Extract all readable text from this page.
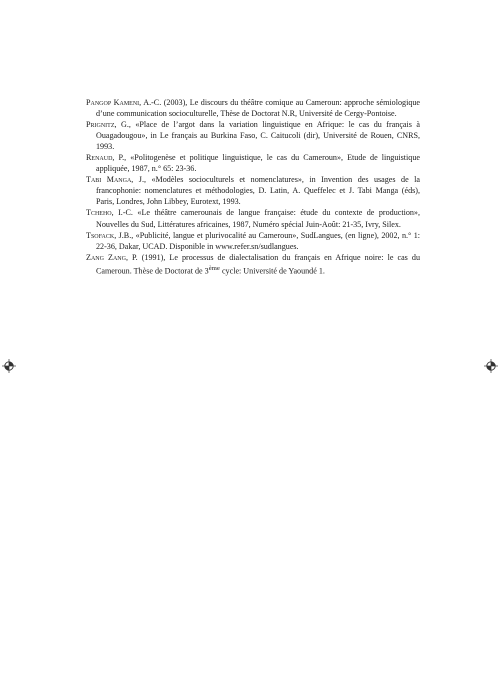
Pangop Kameni, A.-C. (2003), Le discours du théâtre comique au Cameroun: approche sémiologique d’une communication socioculturelle, Thèse de Doctorat N.R, Université de Cergy-Pontoise.

Prignitz, G., «Place de l’argot dans la variation linguistique en Afrique: le cas du français à Ouagadougou», in Le français au Burkina Faso, C. Caitucoli (dir), Université de Rouen, CNRS, 1993.

Renaud, P., «Politogenèse et politique linguistique, le cas du Cameroun», Etude de linguistique appliquée, 1987, n.° 65: 23-36.

Tabi Manga, J., «Modèles socioculturels et nomenclatures», in Invention des usages de la francophonie: nomenclatures et méthodologies, D. Latin, A. Queffelec et J. Tabi Manga (éds), Paris, Londres, John Libbey, Eurotext, 1993.

Tcheho, I.-C. «Le théâtre camerounais de langue française: étude du contexte de production», Nouvelles du Sud, Littératures africaines, 1987, Numéro spécial Juin-Août: 21-35, Ivry, Silex.

Tsofack, J.B., «Publicité, langue et plurivocalité au Cameroun», SudLangues, (en ligne), 2002, n.° 1: 22-36, Dakar, UCAD. Disponible in www.refer.sn/sudlangues.

Zang Zang, P. (1991), Le processus de dialectalisation du français en Afrique noire: le cas du Cameroun. Thèse de Doctorat de 3ème cycle: Université de Yaoundé 1.
